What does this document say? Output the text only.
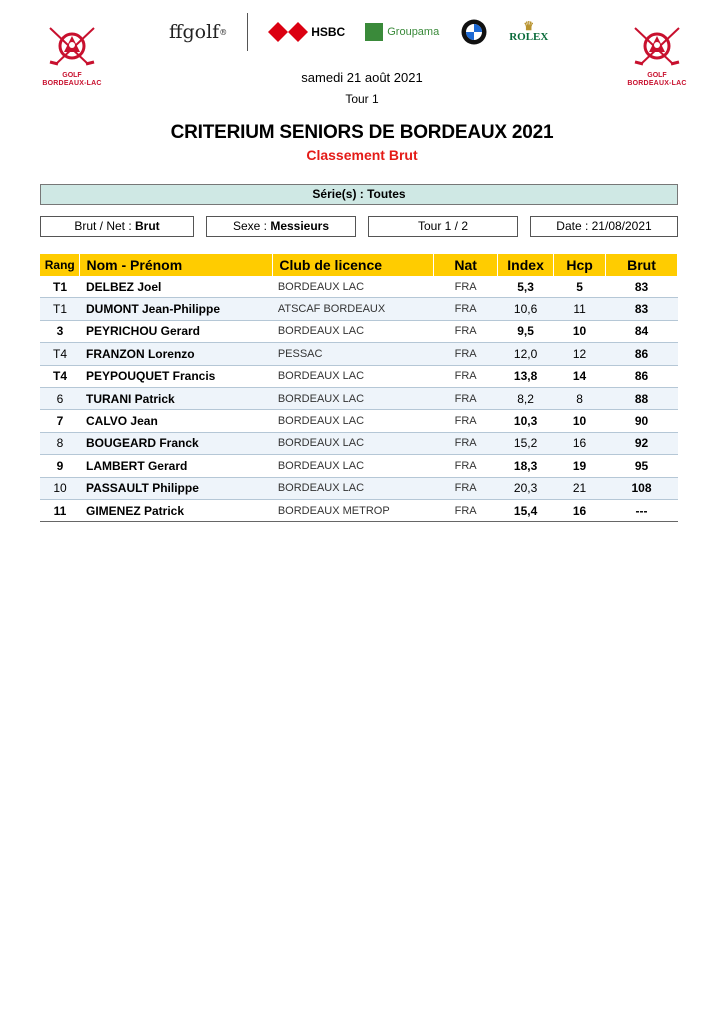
GOLF
BORDEAUX-LAC
GOLF
BORDEAUX-LAC
ffgolf ®	HSBC	Groupama	♛
ROLEX
samedi 21 août 2021
Tour 1
CRITERIUM SENIORS DE BORDEAUX 2021
Classement Brut
Série(s) : Toutes
Brut / Net : Brut	Sexe : Messieurs	Tour 1 / 2	Date : 21/08/2021
Rang	Nom - Prénom	Club de licence	Nat	Index	Hcp	Brut
T1	DELBEZ Joel	BORDEAUX LAC	FRA	5,3	5	83
T1	DUMONT Jean-Philippe	ATSCAF BORDEAUX	FRA	10,6	11	83
3	PEYRICHOU Gerard	BORDEAUX LAC	FRA	9,5	10	84
T4	FRANZON Lorenzo	PESSAC	FRA	12,0	12	86
T4	PEYPOUQUET Francis	BORDEAUX LAC	FRA	13,8	14	86
6	TURANI Patrick	BORDEAUX LAC	FRA	8,2	8	88
7	CALVO Jean	BORDEAUX LAC	FRA	10,3	10	90
8	BOUGEARD Franck	BORDEAUX LAC	FRA	15,2	16	92
9	LAMBERT Gerard	BORDEAUX LAC	FRA	18,3	19	95
10	PASSAULT Philippe	BORDEAUX LAC	FRA	20,3	21	108
11	GIMENEZ Patrick	BORDEAUX METROP	FRA	15,4	16	---
